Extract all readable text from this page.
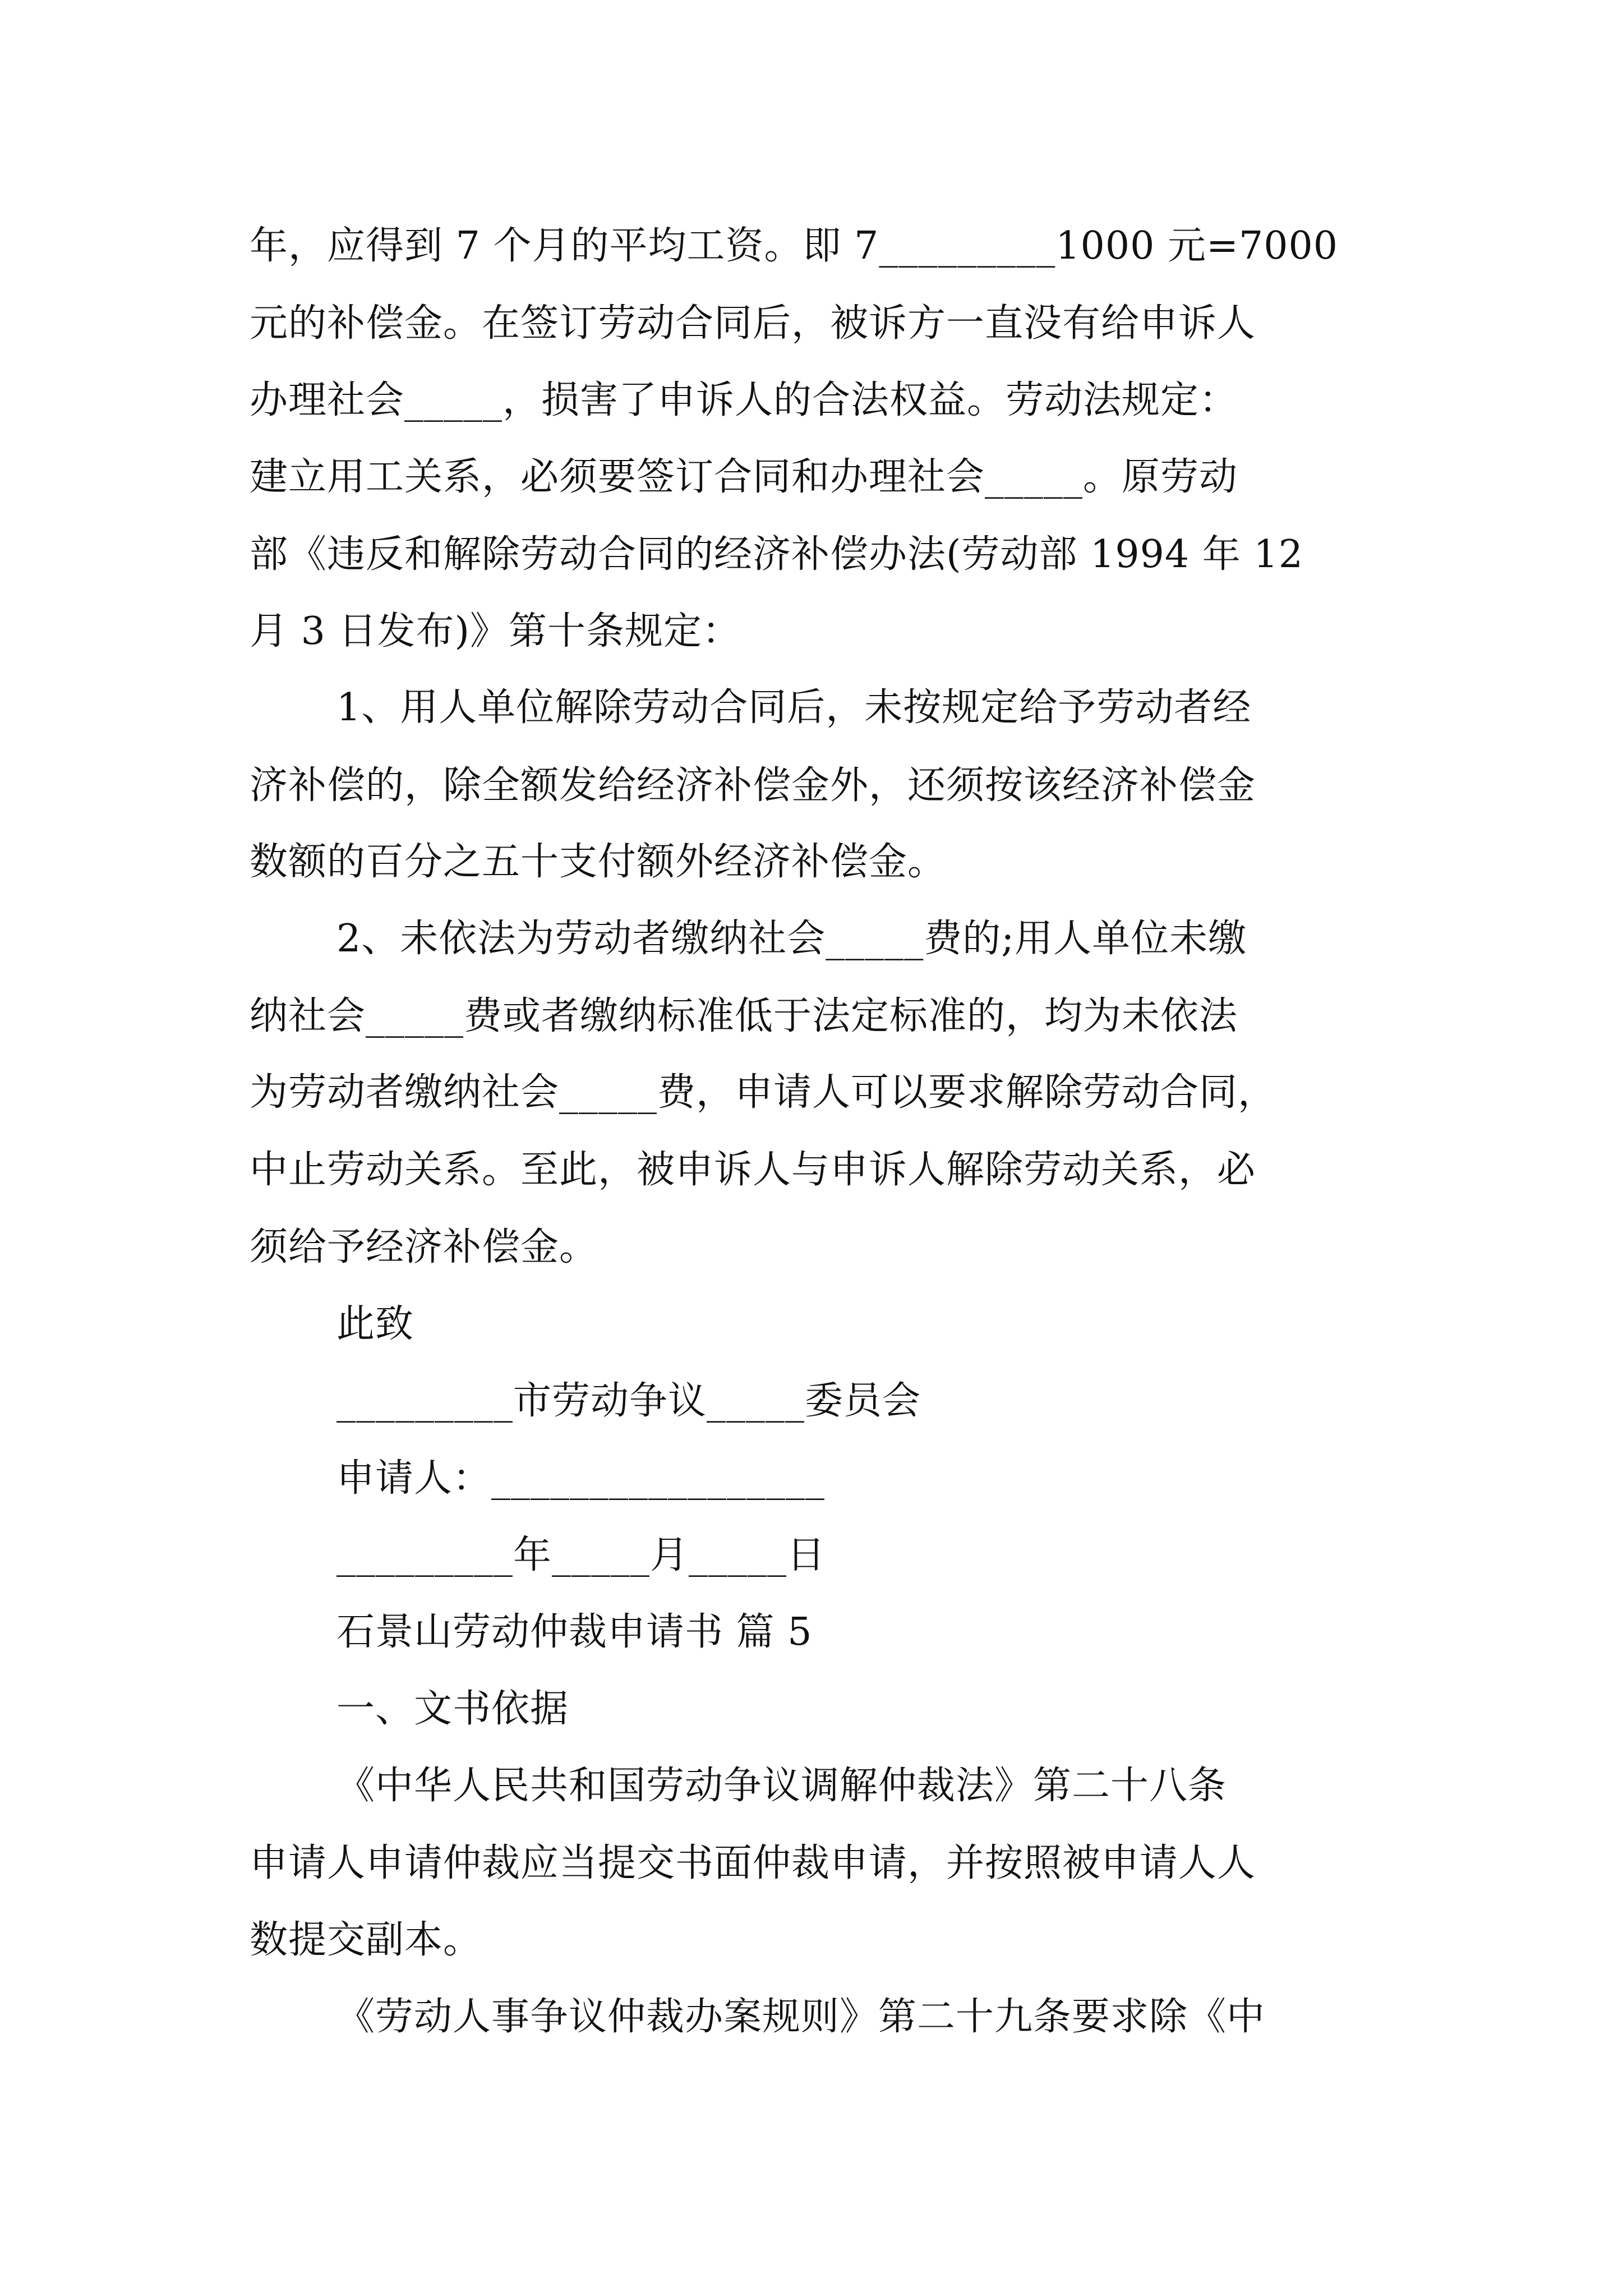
年，应得到 7 个月的平均工资。即 7_________1000 元=7000
元的补偿金。在签订劳动合同后，被诉方一直没有给申诉人
办理社会_____，损害了申诉人的合法权益。劳动法规定：
建立用工关系，必须要签订合同和办理社会_____。原劳动
部《违反和解除劳动合同的经济补偿办法(劳动部 1994 年 12
月 3 日发布)》第十条规定：
1、用人单位解除劳动合同后，未按规定给予劳动者经
济补偿的，除全额发给经济补偿金外，还须按该经济补偿金
数额的百分之五十支付额外经济补偿金。
2、未依法为劳动者缴纳社会_____费的;用人单位未缴
纳社会_____费或者缴纳标准低于法定标准的，均为未依法
为劳动者缴纳社会_____费，申请人可以要求解除劳动合同，
中止劳动关系。至此，被申诉人与申诉人解除劳动关系，必
须给予经济补偿金。
此致
_________市劳动争议_____委员会
申请人：_________________
_________年_____月_____日
石景山劳动仲裁申请书 篇 5
一、文书依据
《中华人民共和国劳动争议调解仲裁法》第二十八条
申请人申请仲裁应当提交书面仲裁申请，并按照被申请人人
数提交副本。
《劳动人事争议仲裁办案规则》第二十九条要求除《中
